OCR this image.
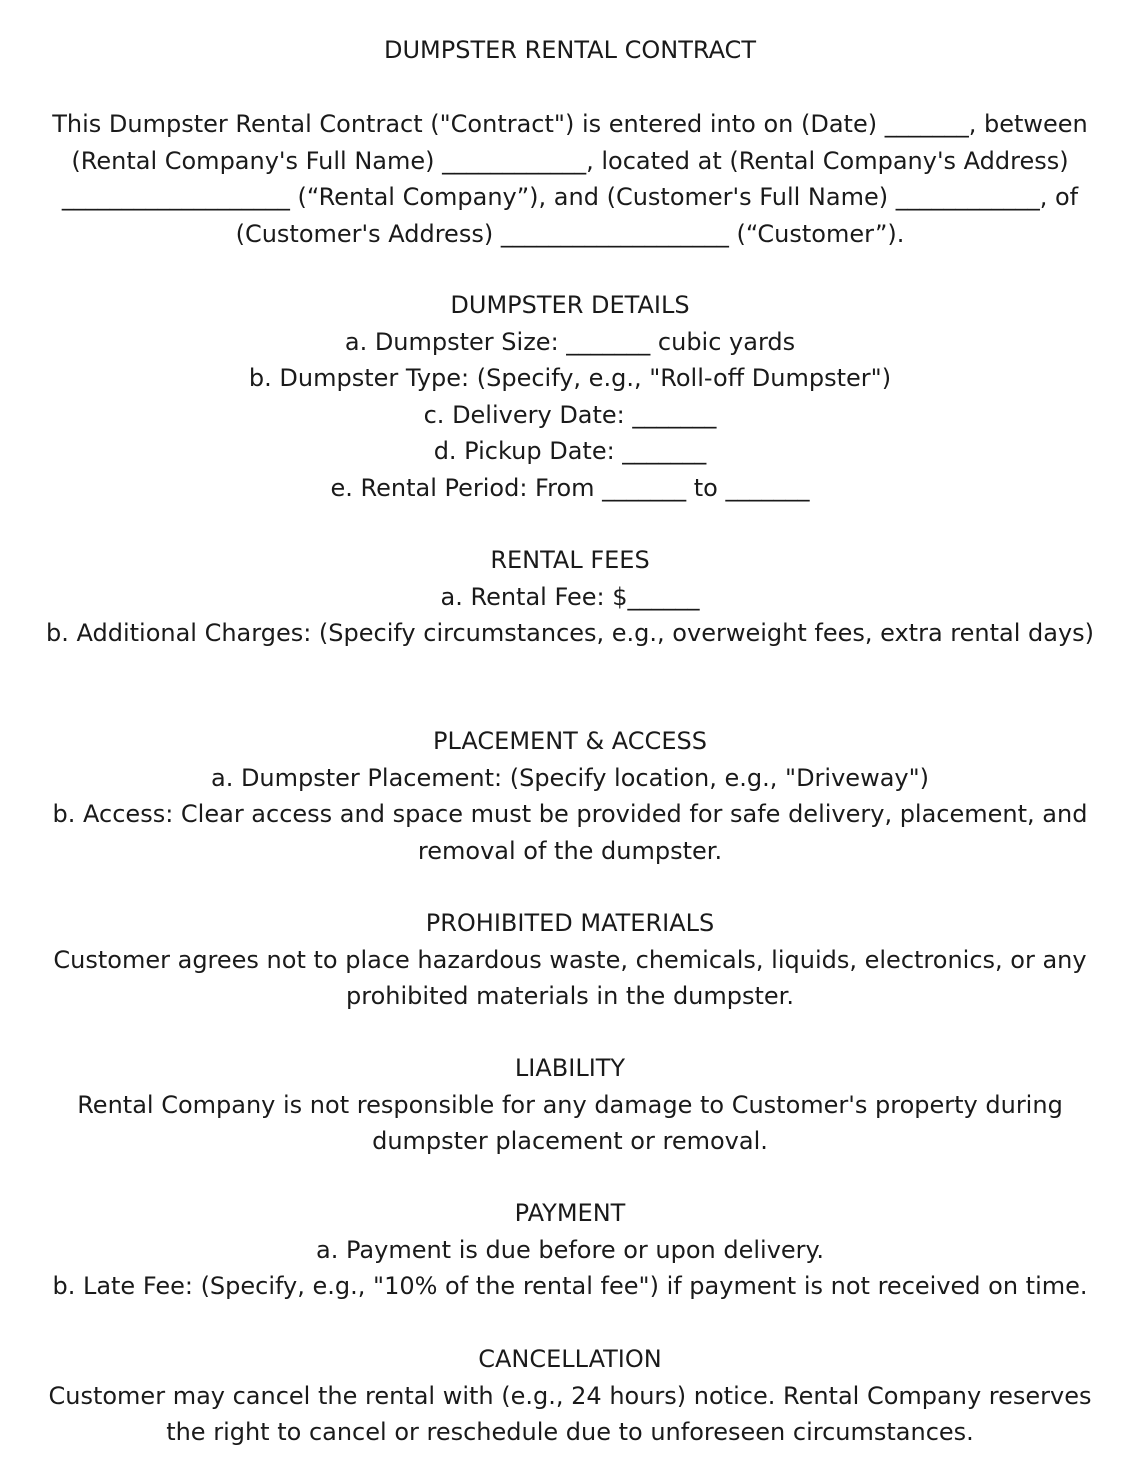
DUMPSTER RENTAL CONTRACT

This Dumpster Rental Contract ("Contract") is entered into on (Date) _______, between (Rental Company's Full Name) ____________, located at (Rental Company's Address) ___________________ (“Rental Company”), and (Customer's Full Name) ____________, of (Customer's Address) ___________________ (“Customer”).

DUMPSTER DETAILS

a. Dumpster Size: _______ cubic yards

b. Dumpster Type: (Specify, e.g., "Roll-off Dumpster")

c. Delivery Date: _______

d. Pickup Date: _______

e. Rental Period: From _______ to _______

RENTAL FEES

a. Rental Fee: $______

b. Additional Charges: (Specify circumstances, e.g., overweight fees, extra rental days)

PLACEMENT & ACCESS

a. Dumpster Placement: (Specify location, e.g., "Driveway")

b. Access: Clear access and space must be provided for safe delivery, placement, and removal of the dumpster.

PROHIBITED MATERIALS

Customer agrees not to place hazardous waste, chemicals, liquids, electronics, or any prohibited materials in the dumpster.

LIABILITY

Rental Company is not responsible for any damage to Customer's property during dumpster placement or removal.

PAYMENT

a. Payment is due before or upon delivery.

b. Late Fee: (Specify, e.g., "10% of the rental fee") if payment is not received on time.

CANCELLATION

Customer may cancel the rental with (e.g., 24 hours) notice. Rental Company reserves the right to cancel or reschedule due to unforeseen circumstances.
